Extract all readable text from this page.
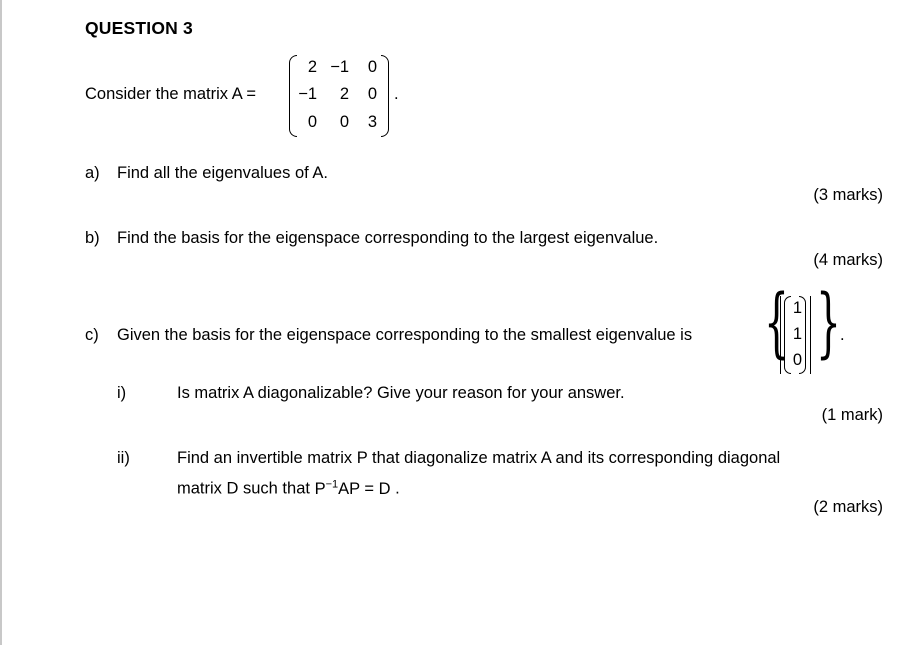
QUESTION 3
Consider the matrix A =
2 −1	0
−1	2	0
0	0	3
.
a) Find all the eigenvalues of A.
(3 marks)
b) Find the basis for the eigenspace corresponding to the largest eigenvalue.
(4 marks)
c) Given the basis for the eigenspace corresponding to the smallest eigenvalue is { }
1
1
0
.
i)	Is matrix A diagonalizable? Give your reason for your answer.
(1 mark)
ii)	Find an invertible matrix P that diagonalize matrix A and its corresponding diagonal
matrix D such that $P^{-1}AP = D$ .
(2 marks)
